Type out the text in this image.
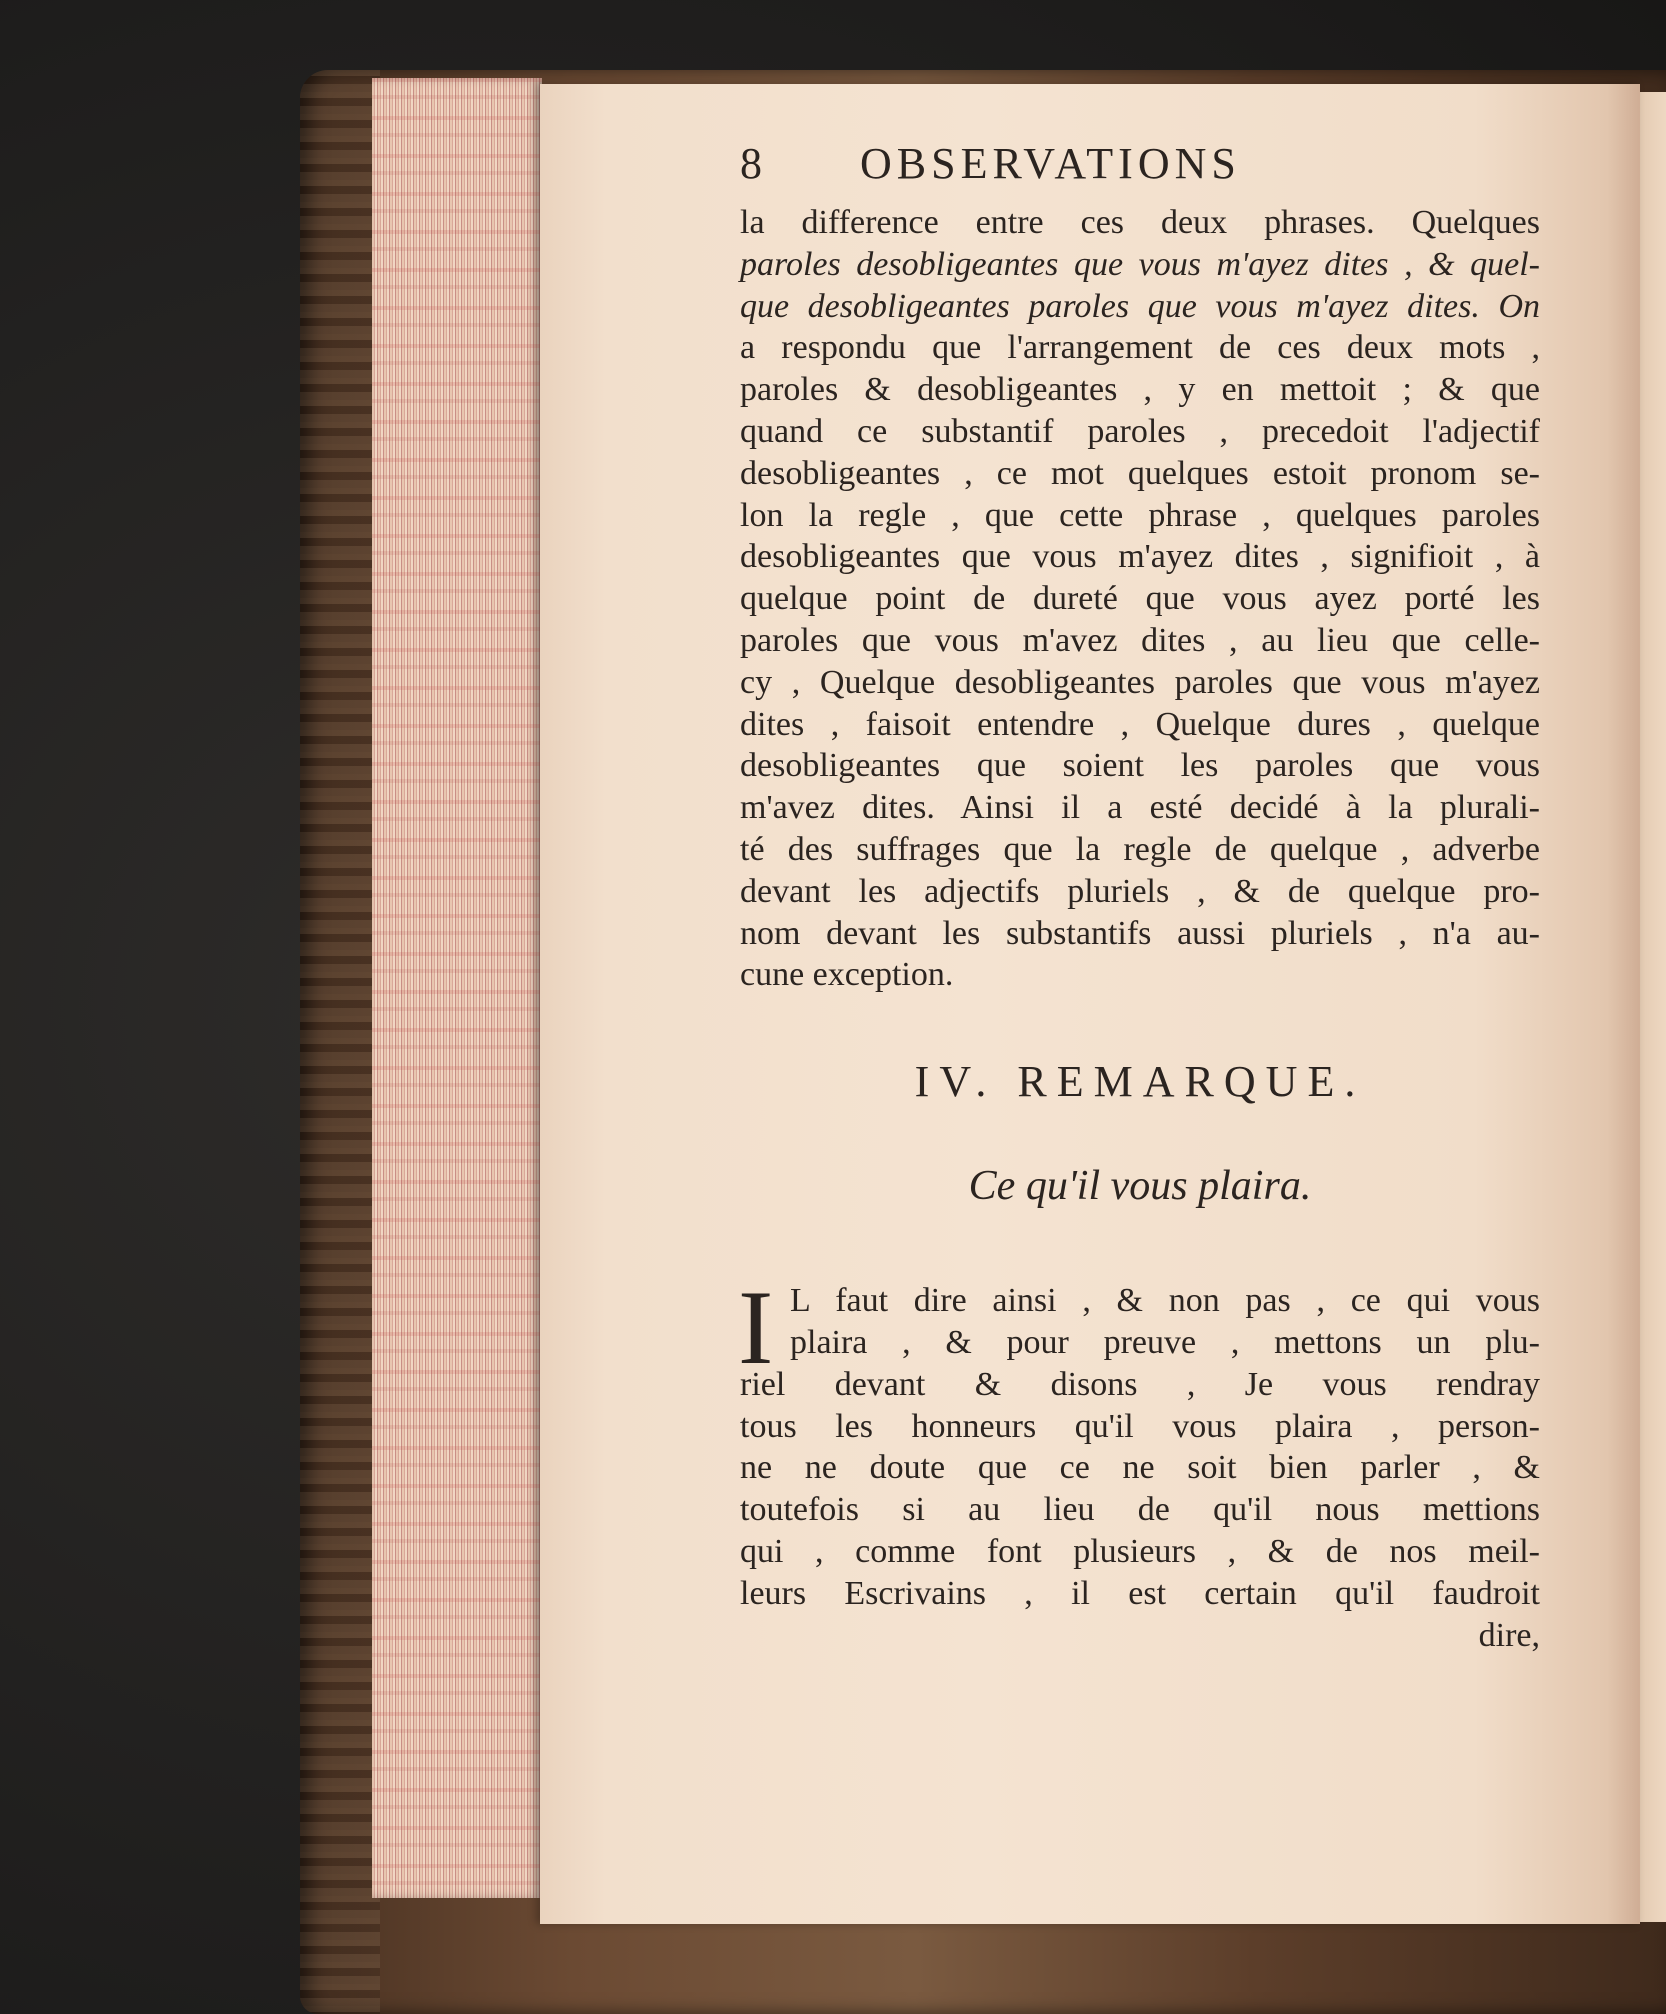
8	OBSERVATIONS
la difference entre ces deux phrases. Quelques
paroles desobligeantes que vous m'ayez dites , & quel-
que desobligeantes paroles que vous m'ayez dites. On
a respondu que l'arrangement de ces deux mots ,
paroles & desobligeantes , y en mettoit ; & que
quand ce substantif paroles , precedoit l'adjectif
desobligeantes , ce mot quelques estoit pronom se-
lon la regle , que cette phrase , quelques paroles
desobligeantes que vous m'ayez dites , signifioit , à
quelque point de dureté que vous ayez porté les
paroles que vous m'avez dites , au lieu que celle-
cy , Quelque desobligeantes paroles que vous m'ayez
dites , faisoit entendre , Quelque dures , quelque
desobligeantes que soient les paroles que vous
m'avez dites. Ainsi il a esté decidé à la plurali-
té des suffrages que la regle de quelque , adverbe
devant les adjectifs pluriels , & de quelque pro-
nom devant les substantifs aussi pluriels , n'a au-
cune exception.
IV. REMARQUE.
Ce qu'il vous plaira.
I L faut dire ainsi , & non pas , ce qui vous
plaira , & pour preuve , mettons un plu-
riel devant & disons , Je vous rendray
tous les honneurs qu'il vous plaira , person-
ne ne doute que ce ne soit bien parler , &
toutefois si au lieu de qu'il nous mettions
qui , comme font plusieurs , & de nos meil-
leurs Escrivains , il est certain qu'il faudroit
dire,
